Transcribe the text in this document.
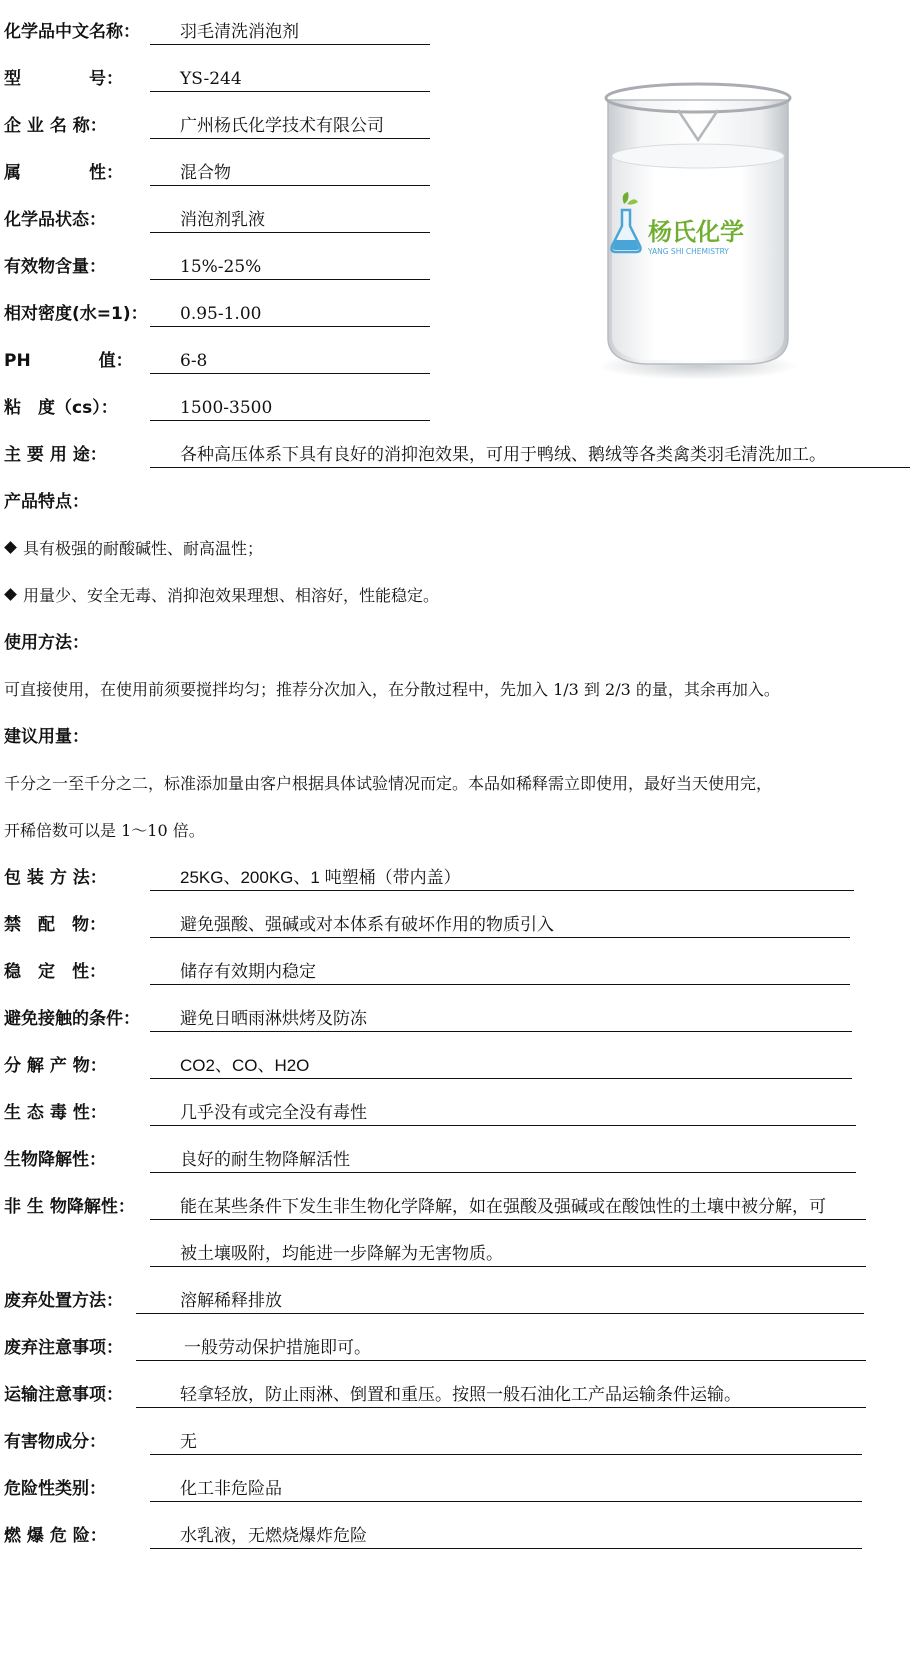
化学品中文名称： 羽毛清洗消泡剂
型　　　　号：	YS-244
企 业 名 称：	广州杨氏化学技术有限公司
属　　　　性：	混合物
化学品状态：	消泡剂乳液
有效物含量：	15%-25%
相对密度(水=1)： 0.95-1.00
PH　　　　值：	6-8
粘　度（cs）：	1500-3500
主 要 用 途：	各种高压体系下具有良好的消抑泡效果，可用于鸭绒、鹅绒等各类禽类羽毛清洗加工。
杨氏化学
YANG SHI CHEMISTRY
产品特点：
具有极强的耐酸碱性、耐高温性；
用量少、安全无毒、消抑泡效果理想、相溶好，性能稳定。
使用方法：
可直接使用，在使用前须要搅拌均匀；推荐分次加入，在分散过程中，先加入 1/3 到 2/3 的量，其余再加入。
建议用量：
千分之一至千分之二，标准添加量由客户根据具体试验情况而定。本品如稀释需立即使用，最好当天使用完，
开稀倍数可以是 1～10 倍。
包 装 方 法：	25KG、200KG、1 吨塑桶（带内盖）
禁　配　物：	避免强酸、强碱或对本体系有破坏作用的物质引入
稳　定　性：	储存有效期内稳定
避免接触的条件： 避免日晒雨淋烘烤及防冻
分 解 产 物：	CO2、CO、H2O
生 态 毒 性：	几乎没有或完全没有毒性
生物降解性：	良好的耐生物降解活性
非 生 物降解性：	能在某些条件下发生非生物化学降解，如在强酸及强碱或在酸蚀性的土壤中被分解，可
被土壤吸附，均能进一步降解为无害物质。
废弃处置方法：	溶解稀释排放
废弃注意事项：	一般劳动保护措施即可。
运输注意事项：	轻拿轻放，防止雨淋、倒置和重压。按照一般石油化工产品运输条件运输。
有害物成分：	无
危险性类别：	化工非危险品
燃 爆 危 险：	水乳液，无燃烧爆炸危险
